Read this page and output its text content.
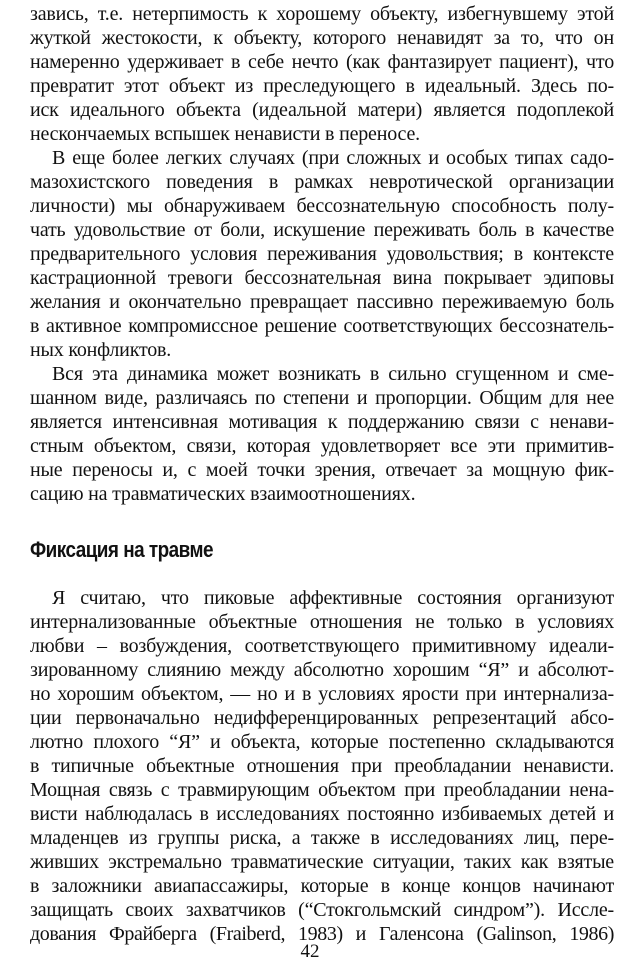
завись, т.е. нетерпимость к хорошему объекту, избегнувшему этой
жуткой жестокости, к объекту, которого ненавидят за то, что он
намеренно удерживает в себе нечто (как фантазирует пациент), что
превратит этот объект из преследующего в идеальный. Здесь по-
иск идеального объекта (идеальной матери) является подоплекой
нескончаемых вспышек ненависти в переносе.
В еще более легких случаях (при сложных и особых типах садо-
мазохистского поведения в рамках невротической организации
личности) мы обнаруживаем бессознательную способность полу-
чать удовольствие от боли, искушение переживать боль в качестве
предварительного условия переживания удовольствия; в контексте
кастрационной тревоги бессознательная вина покрывает эдиповы
желания и окончательно превращает пассивно переживаемую боль
в активное компромиссное решение соответствующих бессознатель-
ных конфликтов.
Вся эта динамика может возникать в сильно сгущенном и сме-
шанном виде, различаясь по степени и пропорции. Общим для нее
является интенсивная мотивация к поддержанию связи с ненави-
стным объектом, связи, которая удовлетворяет все эти примитив-
ные переносы и, с моей точки зрения, отвечает за мощную фик-
сацию на травматических взаимоотношениях.
Фиксация на травме
Я считаю, что пиковые аффективные состояния организуют
интернализованные объектные отношения не только в условиях
любви – возбуждения, соответствующего примитивному идеали-
зированному слиянию между абсолютно хорошим “Я” и абсолют-
но хорошим объектом, — но и в условиях ярости при интернализа-
ции первоначально недифференцированных репрезентаций абсо-
лютно плохого “Я” и объекта, которые постепенно складываются
в типичные объектные отношения при преобладании ненависти.
Мощная связь с травмирующим объектом при преобладании нена-
висти наблюдалась в исследованиях постоянно избиваемых детей и
младенцев из группы риска, а также в исследованиях лиц, пере-
живших экстремально травматические ситуации, таких как взятые
в заложники авиапассажиры, которые в конце концов начинают
защищать своих захватчиков (“Стокгольмский синдром”). Иссле-
дования Фрайберга (Fraiberd, 1983) и Галенсона (Galinson, 1986)
42
